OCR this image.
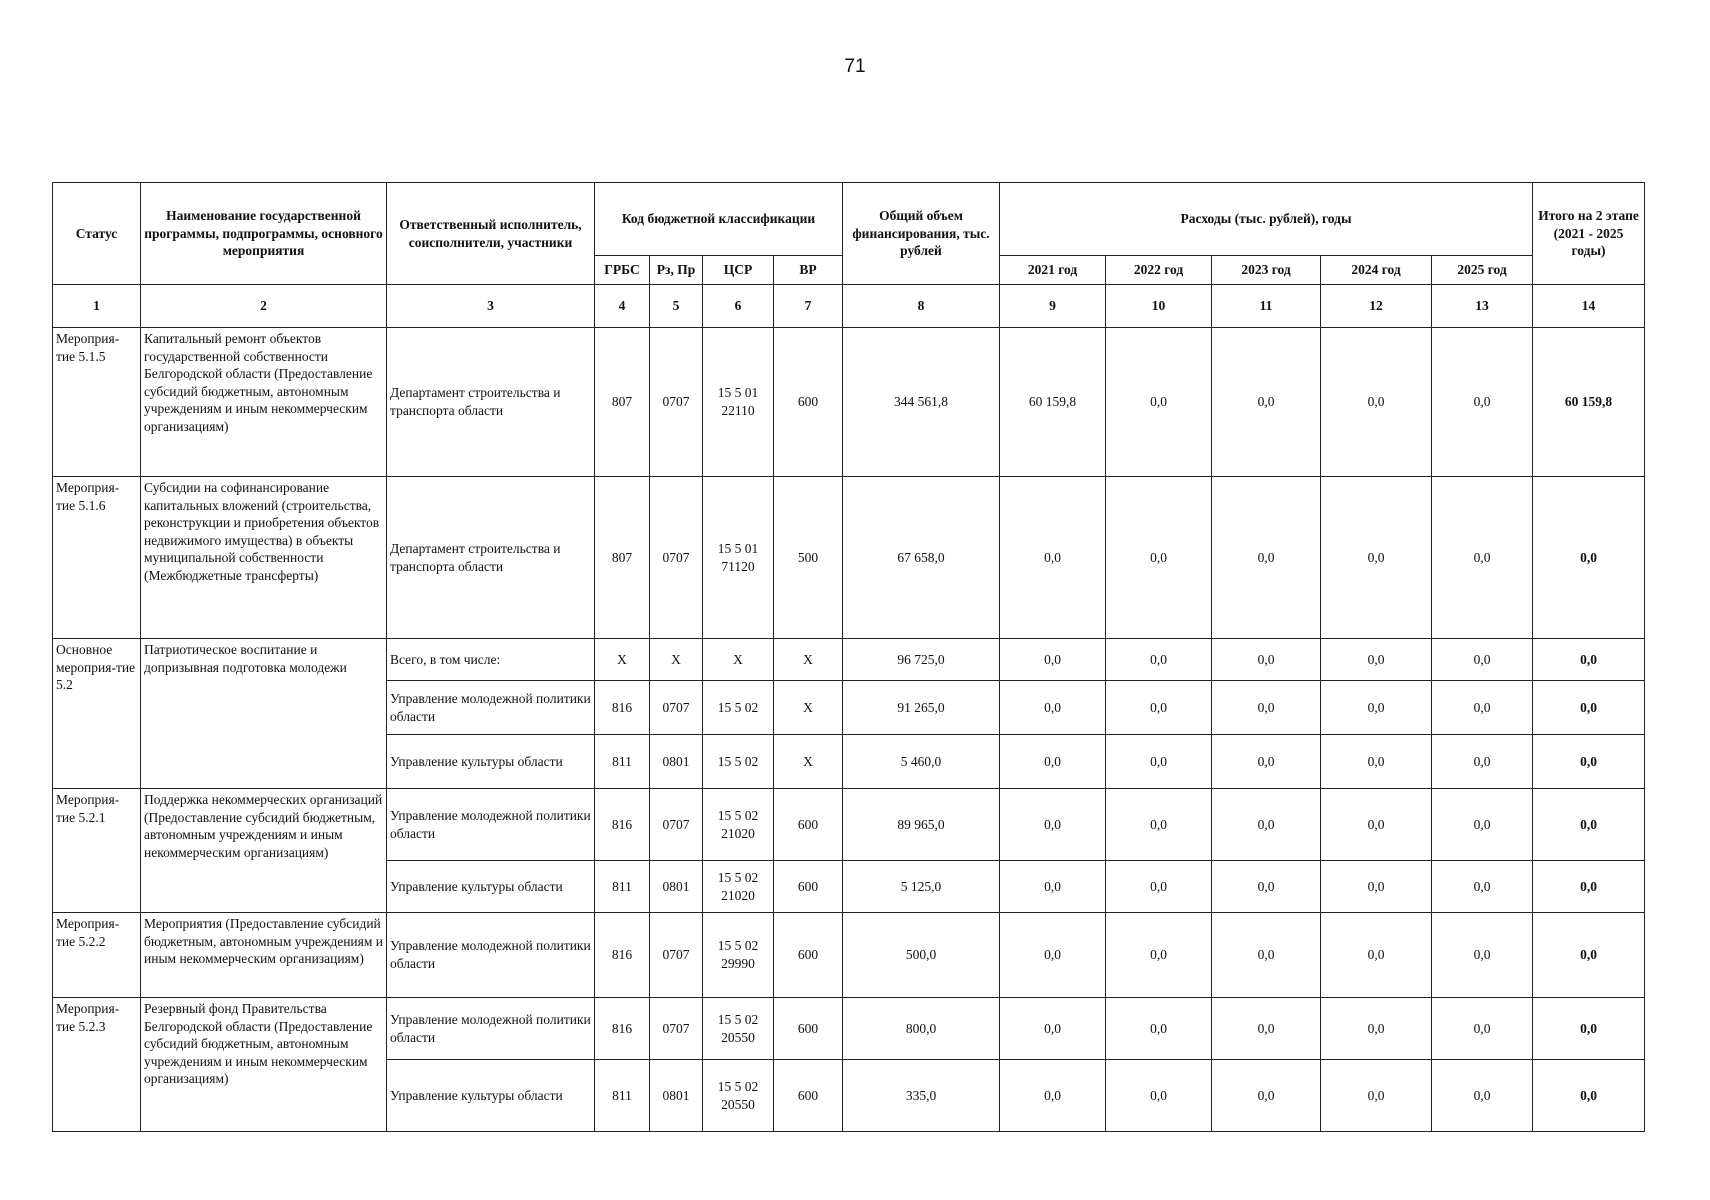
71
Статус	Наименование государственной программы, подпрограммы, основного мероприятия	Ответственный исполнитель, соисполнители, участники	Код бюджетной классификации				Общий объем финансирования, тыс. рублей	Расходы (тыс. рублей), годы					Итого на 2 этапе (2021 - 2025 годы)
			ГРБС	Рз, Пр	ЦСР	ВР		2021 год	2022 год	2023 год	2024 год	2025 год	
1	2	3	4	5	6	7	8	9	10	11	12	13	14
Мероприя-тие 5.1.5	Капитальный ремонт объектов государственной собственности Белгородской области (Предоставление субсидий бюджетным, автономным учреждениям и иным некоммерческим организациям)	Департамент строительства и транспорта области	807	0707	15 5 01 22110	600	344 561,8	60 159,8	0,0	0,0	0,0	0,0	60 159,8
Мероприя-тие 5.1.6	Субсидии на софинансирование капитальных вложений (строительства, реконструкции и приобретения объектов недвижимого имущества) в объекты муниципальной собственности (Межбюджетные трансферты)	Департамент строительства и транспорта области	807	0707	15 5 01 71120	500	67 658,0	0,0	0,0	0,0	0,0	0,0	0,0
Основное мероприя-тие 5.2	Патриотическое воспитание и допризывная подготовка молодежи	Всего, в том числе:	X	X	X	X	96 725,0	0,0	0,0	0,0	0,0	0,0	0,0
		Управление молодежной политики области	816	0707	15 5 02	X	91 265,0	0,0	0,0	0,0	0,0	0,0	0,0
		Управление культуры области	811	0801	15 5 02	X	5 460,0	0,0	0,0	0,0	0,0	0,0	0,0
Мероприя-тие 5.2.1	Поддержка некоммерческих организаций (Предоставление субсидий бюджетным, автономным учреждениям и иным некоммерческим организациям)	Управление молодежной политики области	816	0707	15 5 02 21020	600	89 965,0	0,0	0,0	0,0	0,0	0,0	0,0
		Управление культуры области	811	0801	15 5 02 21020	600	5 125,0	0,0	0,0	0,0	0,0	0,0	0,0
Мероприя-тие 5.2.2	Мероприятия (Предоставление субсидий бюджетным, автономным учреждениям и иным некоммерческим организациям)	Управление молодежной политики области	816	0707	15 5 02 29990	600	500,0	0,0	0,0	0,0	0,0	0,0	0,0
Мероприя-тие 5.2.3	Резервный фонд Правительства Белгородской области (Предоставление субсидий бюджетным, автономным учреждениям и иным некоммерческим организациям)	Управление молодежной политики области	816	0707	15 5 02 20550	600	800,0	0,0	0,0	0,0	0,0	0,0	0,0
		Управление культуры области	811	0801	15 5 02 20550	600	335,0	0,0	0,0	0,0	0,0	0,0	0,0
